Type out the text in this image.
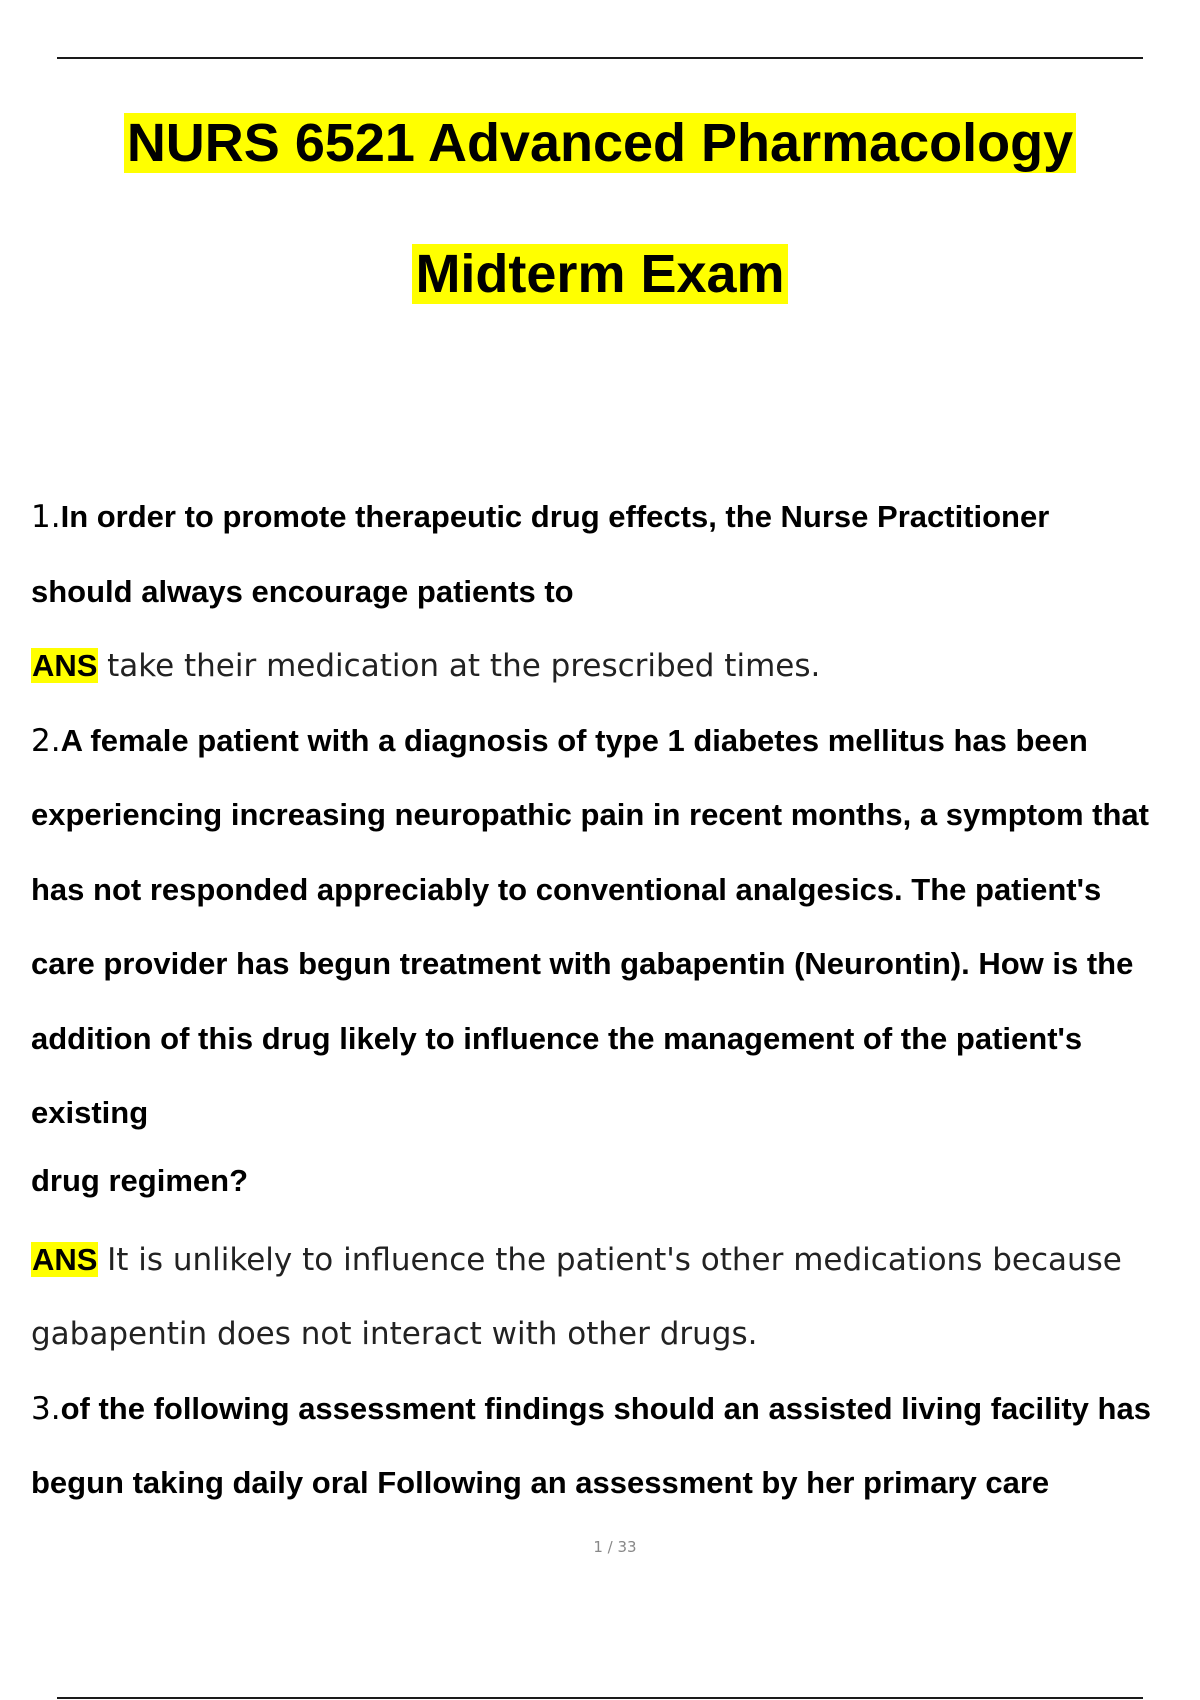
NURS 6521 Advanced Pharmacology
Midterm Exam
1.In order to promote therapeutic drug effects, the Nurse Practitioner
should always encourage patients to
ANS take their medication at the prescribed times.
2.A female patient with a diagnosis of type 1 diabetes mellitus has been
experiencing increasing neuropathic pain in recent months, a symptom that
has not responded appreciably to conventional analgesics. The patient's
care provider has begun treatment with gabapentin (Neurontin). How is the
addition of this drug likely to influence the management of the patient's
existing
drug regimen?
ANS It is unlikely to influence the patient's other medications because
gabapentin does not interact with other drugs.
3.of the following assessment findings should an assisted living facility has
begun taking daily oral Following an assessment by her primary care
1 / 33
